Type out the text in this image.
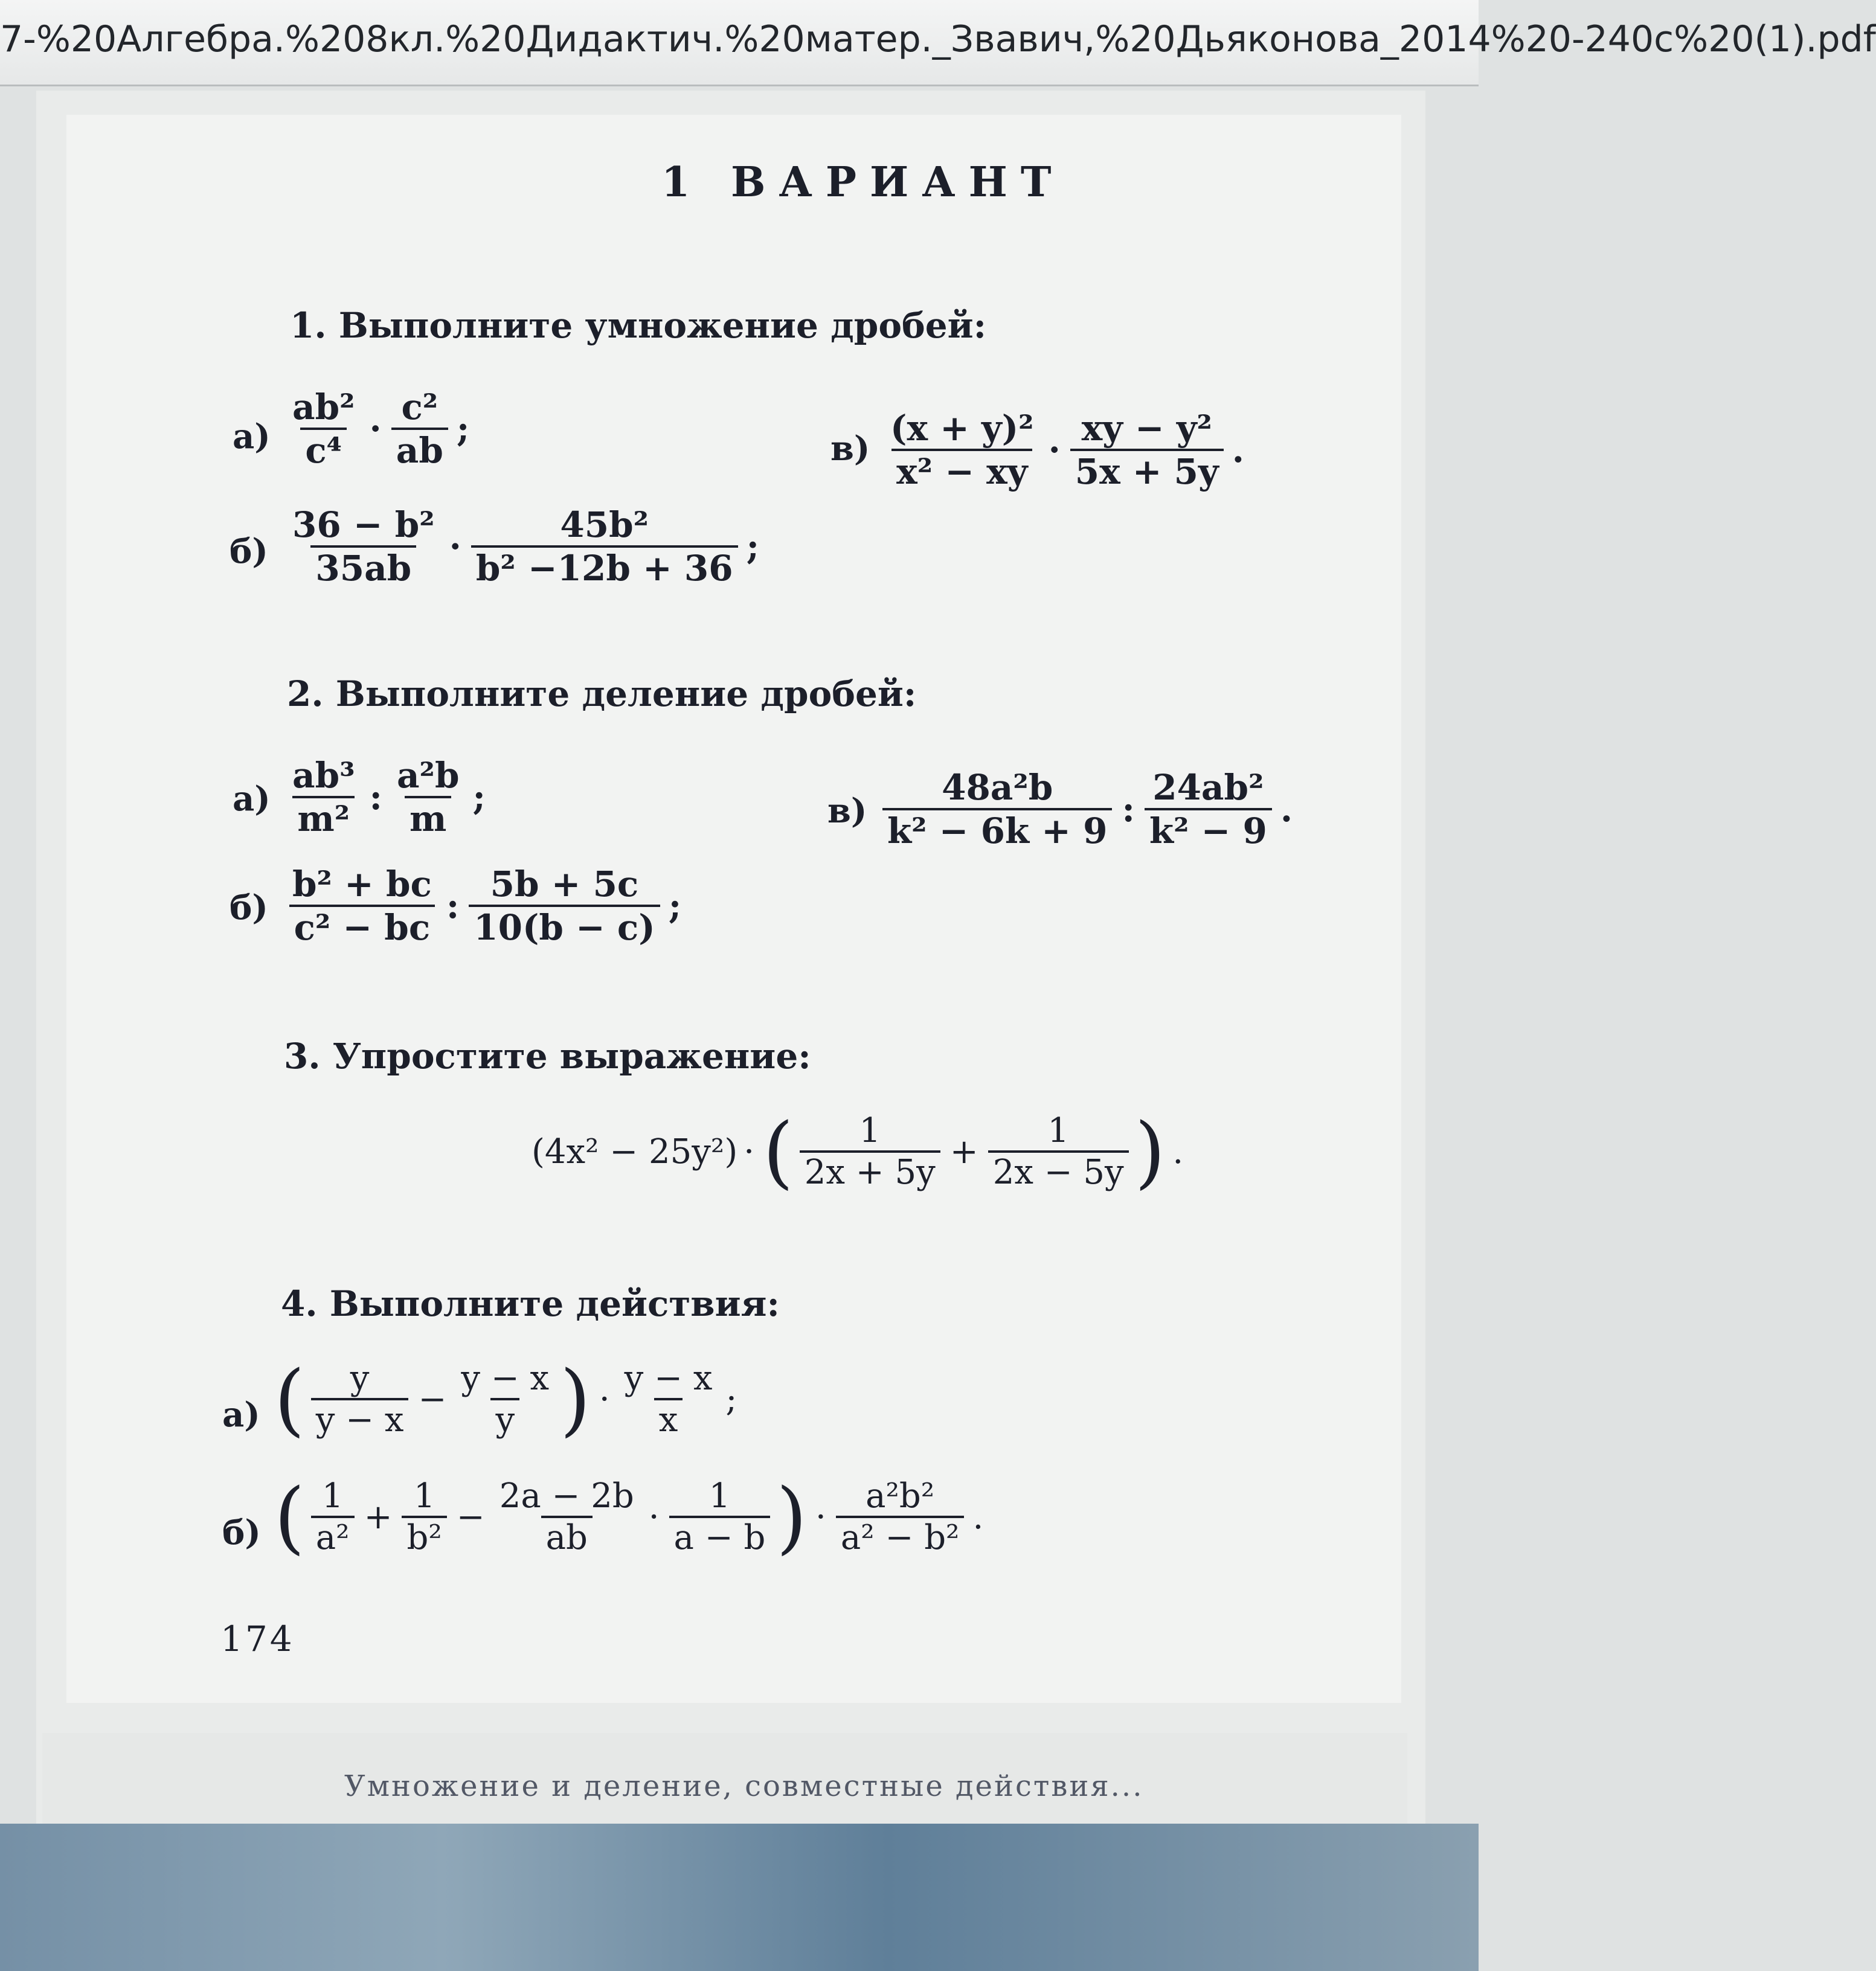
7-%20Алгебра.%208кл.%20Дидактич.%20матер._Звавич,%20Дьяконова_2014%20-240с%20(1).pdf
Умножение и деление, совместные действия...
1 ВАРИАНТ
1. Выполните умножение дробей:
$а) \frac{\text{ab²}}{\text{c⁴}} \cdot \frac{\text{c²}}{ab}$ ;	$в) \frac{\text{(x + y)²}}{\text{x² − xy}} \cdot \frac{\text{xy − y²}}{5x + 5y}$ .
$б) \frac{\text{36 − b²}}{35ab} \cdot \frac{\text{45b²}}{\text{b² −12b + 36}}$ ;
2. Выполните деление дробей:
$а) \frac{\text{ab³}}{\text{m²}}$ : $\frac{\text{a²b}}{m}$ ;	$в) \frac{\text{48a²b}}{\text{k² − 6k + 9}}$ : $\frac{\text{24ab²}}{\text{k² − 9}}$ .
$б) \frac{\text{b² + bc}}{\text{c² − bc}}$ : $\frac{5b + 5c}{10(b - c)}$ ;
3. Упростите выражение:
(4x² − 25y²) · ( $\frac{1}{2x + 5y} + \frac{1}{2x - 5y}$ ) .
4. Выполните действия:
а) ( $\frac{y}{y - x} - \frac{y - x}{y}$ ) · $\frac{y - x}{x}$ ;
б) ( $\frac{1}{\text{a²}} + \frac{1}{\text{b²}} - \frac{2a - 2b}{ab} \cdot \frac{1}{a - b}$ ) · $\frac{\text{a²b²}}{\text{a² − b²}}$ .
174
